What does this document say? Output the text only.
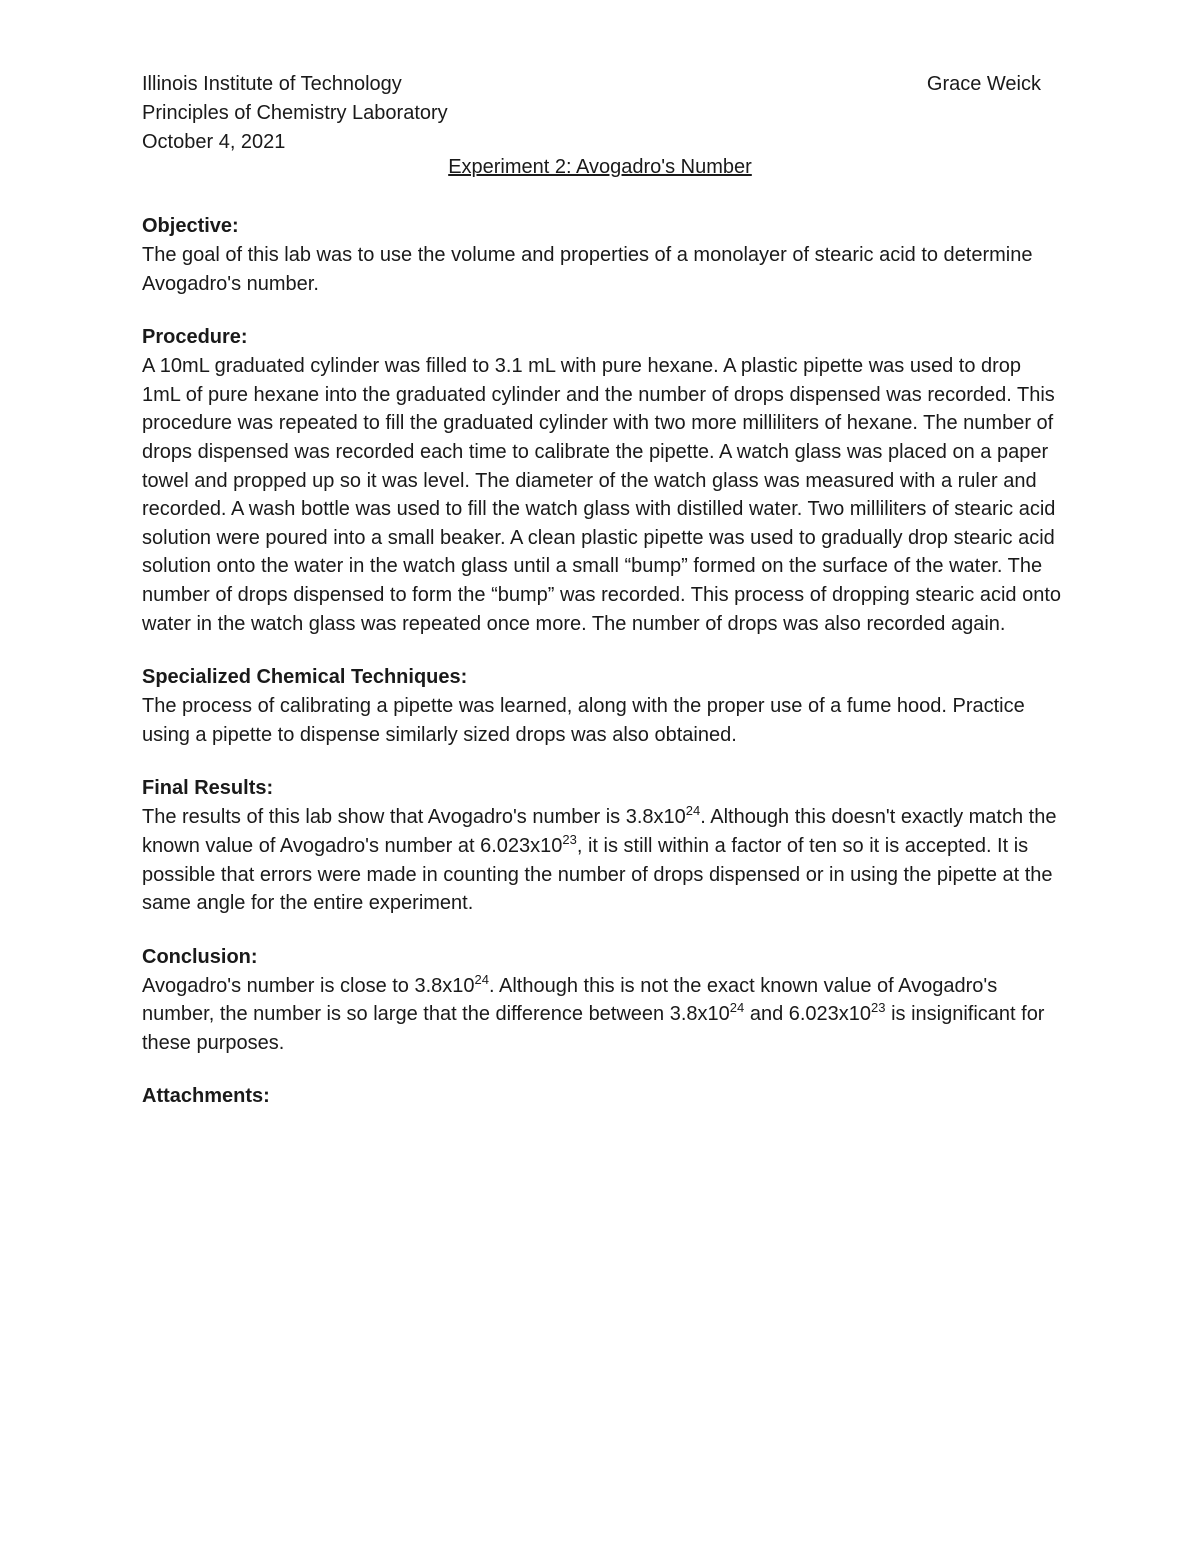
Illinois Institute of Technology	Grace Weick
Principles of Chemistry Laboratory
October 4, 2021
Experiment 2: Avogadro's Number

Objective:

The goal of this lab was to use the volume and properties of a monolayer of stearic acid to determine Avogadro's number.

Procedure:

A 10mL graduated cylinder was filled to 3.1 mL with pure hexane. A plastic pipette was used to drop 1mL of pure hexane into the graduated cylinder and the number of drops dispensed was recorded. This procedure was repeated to fill the graduated cylinder with two more milliliters of hexane. The number of drops dispensed was recorded each time to calibrate the pipette. A watch glass was placed on a paper towel and propped up so it was level. The diameter of the watch glass was measured with a ruler and recorded. A wash bottle was used to fill the watch glass with distilled water. Two milliliters of stearic acid solution were poured into a small beaker. A clean plastic pipette was used to gradually drop stearic acid solution onto the water in the watch glass until a small “bump” formed on the surface of the water. The number of drops dispensed to form the “bump” was recorded. This process of dropping stearic acid onto water in the watch glass was repeated once more. The number of drops was also recorded again.

Specialized Chemical Techniques:

The process of calibrating a pipette was learned, along with the proper use of a fume hood. Practice using a pipette to dispense similarly sized drops was also obtained.

Final Results:

The results of this lab show that Avogadro's number is $3.8x10^{24}$. Although this doesn't exactly match the known value of Avogadro's number at $6.023x10^{23}$, it is still within a factor of ten so it is accepted. It is possible that errors were made in counting the number of drops dispensed or in using the pipette at the same angle for the entire experiment.

Conclusion:

Avogadro's number is close to $3.8x10^{24}$. Although this is not the exact known value of Avogadro's number, the number is so large that the difference between $3.8x10^{24}$ and $6.023x10^{23}$ is insignificant for these purposes.

Attachments:
